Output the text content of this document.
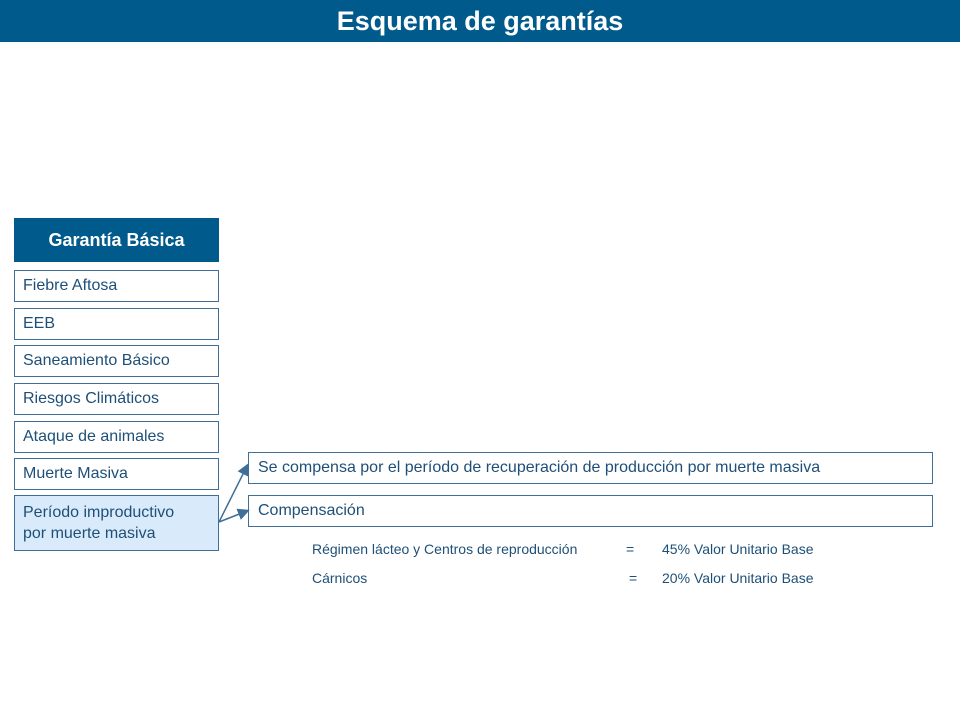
Esquema de garantías
Garantía Básica
Fiebre Aftosa
EEB
Saneamiento Básico
Riesgos Climáticos
Ataque de animales
Muerte Masiva
Período improductivo
por muerte masiva
Se compensa por el período de recuperación de producción por muerte masiva
Compensación
Régimen lácteo y Centros de reproducción	= 45% Valor Unitario Base
Cárnicos	= 20% Valor Unitario Base
